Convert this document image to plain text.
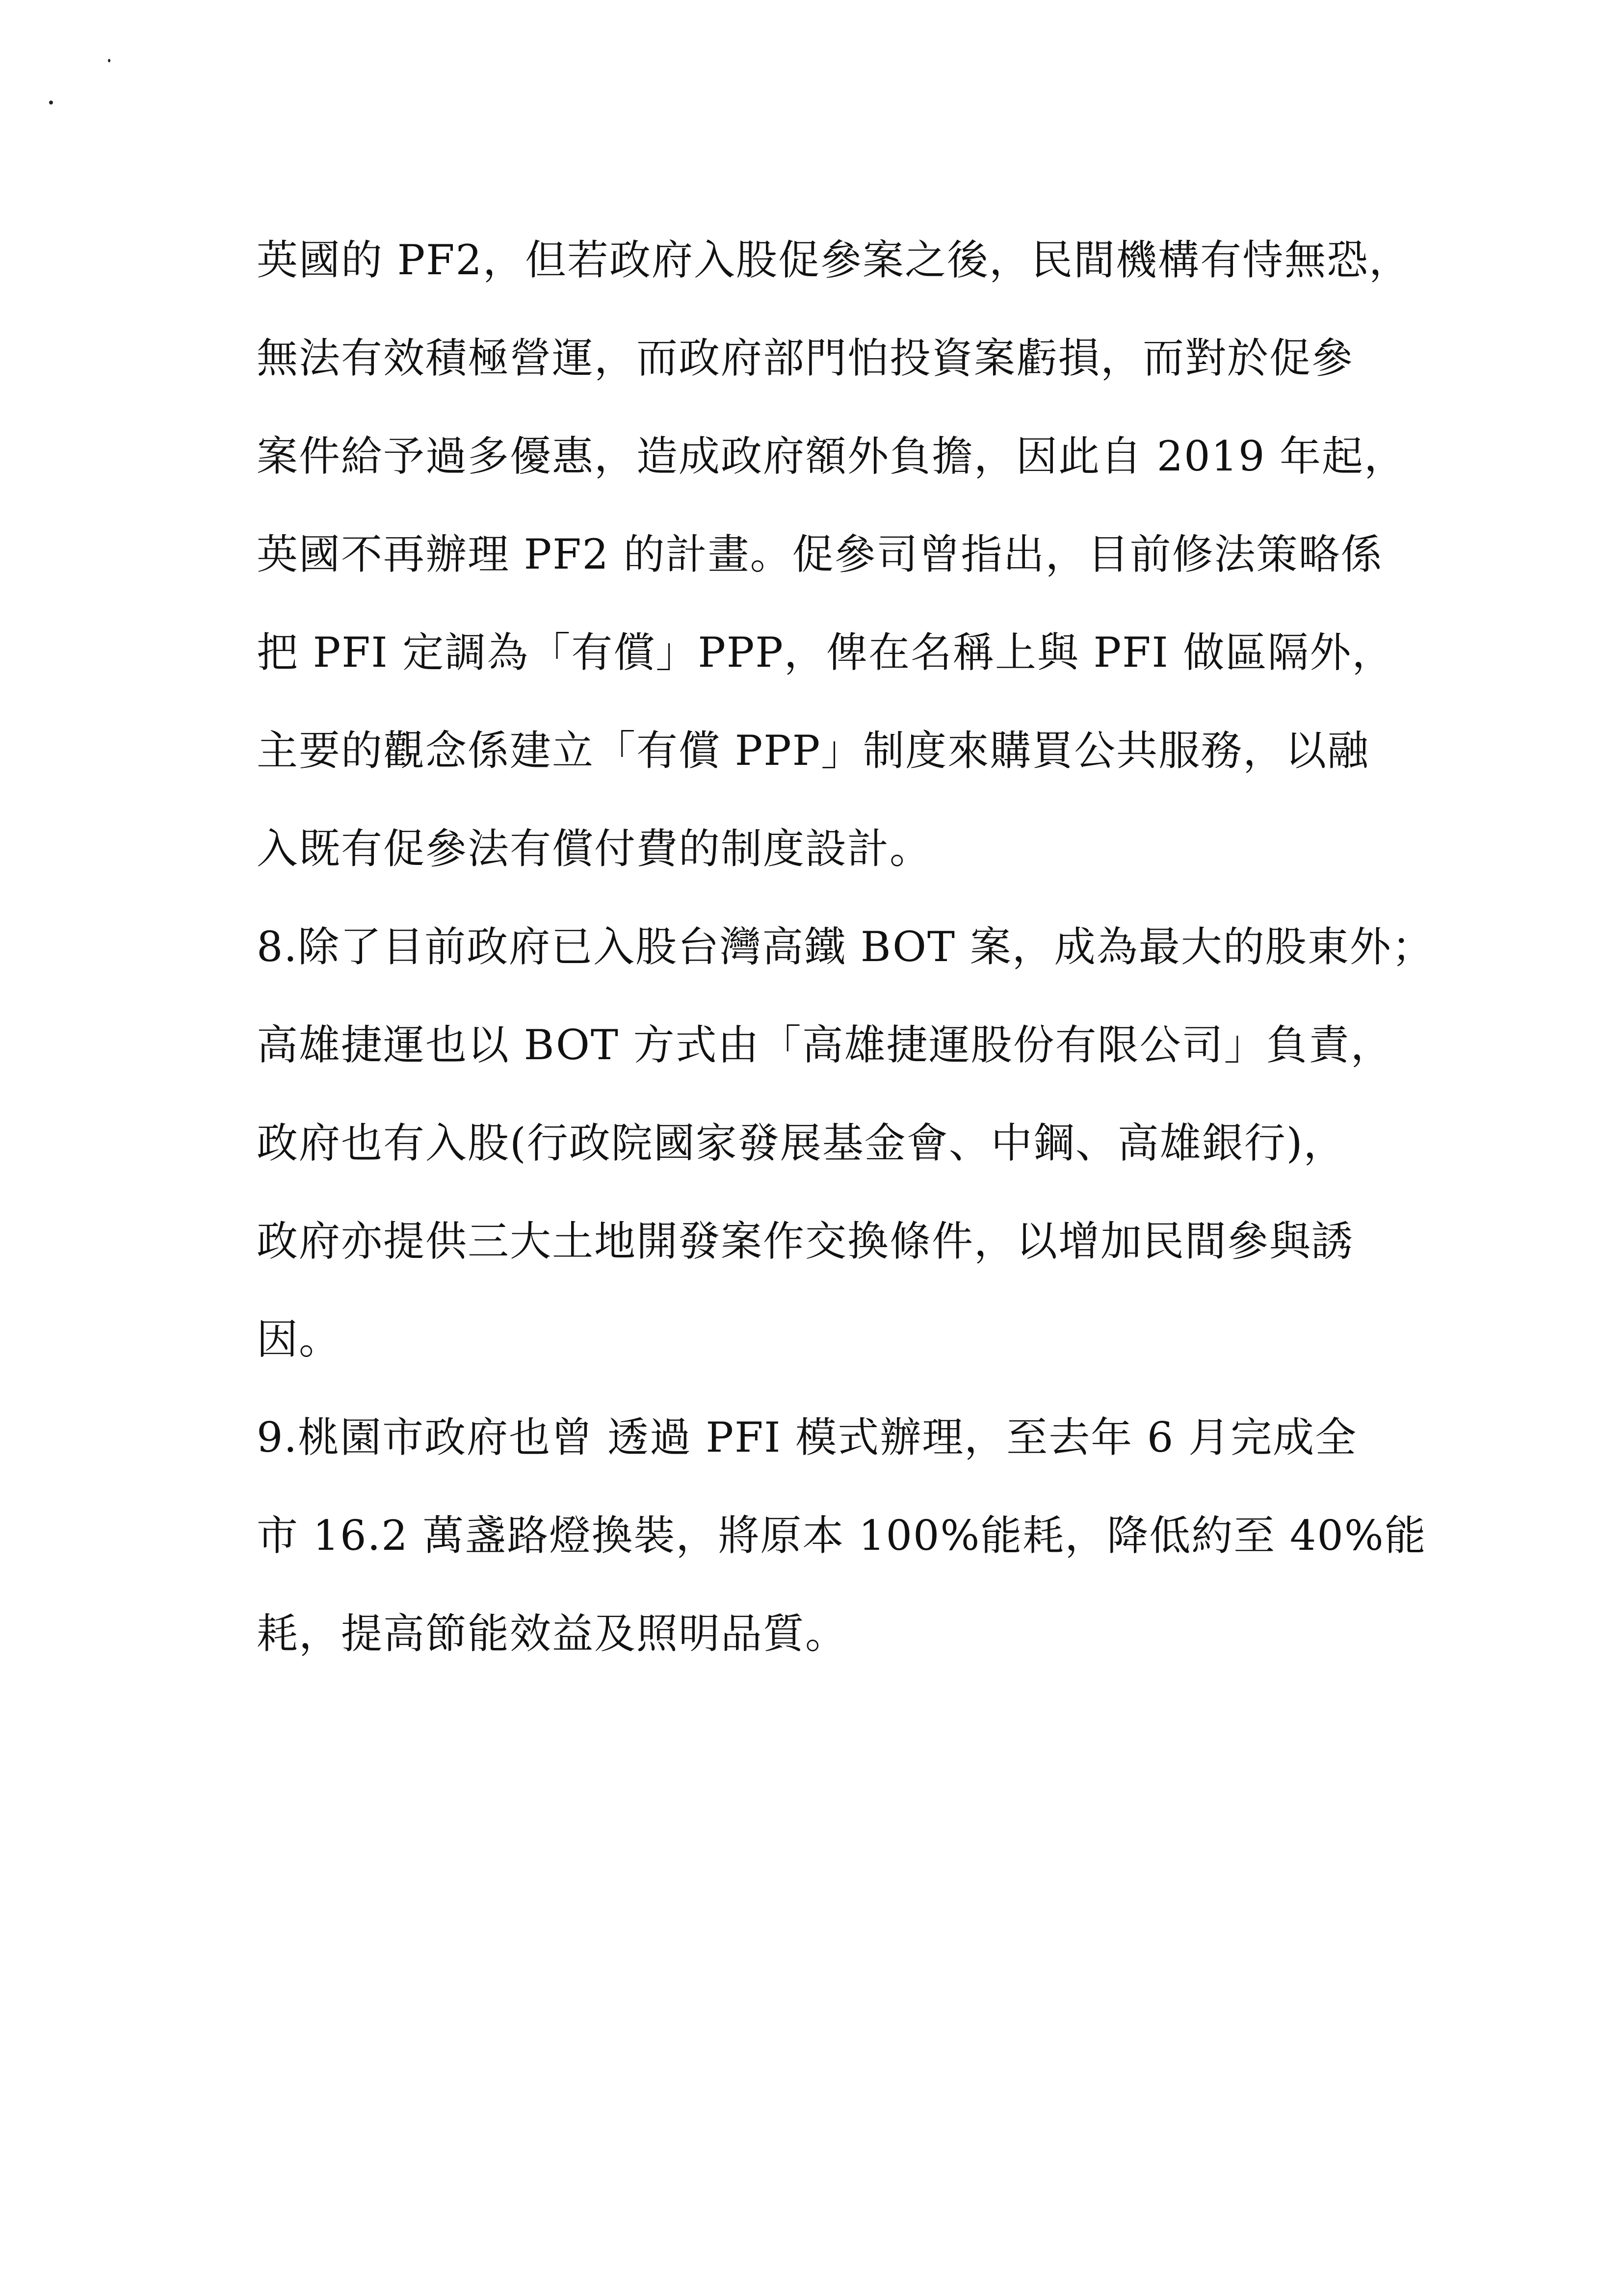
英國的 PF2，但若政府入股促參案之後，民間機構有恃無恐，
無法有效積極營運，而政府部門怕投資案虧損，而對於促參
案件給予過多優惠，造成政府額外負擔，因此自 2019 年起，
英國不再辦理 PF2 的計畫。促參司曾指出，目前修法策略係
把 PFI 定調為「有償」PPP，俾在名稱上與 PFI 做區隔外，
主要的觀念係建立「有償 PPP」制度來購買公共服務，以融
入既有促參法有償付費的制度設計。
8.除了目前政府已入股台灣高鐵 BOT 案，成為最大的股東外；
高雄捷運也以 BOT 方式由「高雄捷運股份有限公司」負責，
政府也有入股(行政院國家發展基金會、中鋼、高雄銀行)，
政府亦提供三大土地開發案作交換條件，以增加民間參與誘
因。
9.桃園市政府也曾 透過 PFI 模式辦理，至去年 6 月完成全
市 16.2 萬盞路燈換裝，將原本 100%能耗，降低約至 40%能
耗，提高節能效益及照明品質。
